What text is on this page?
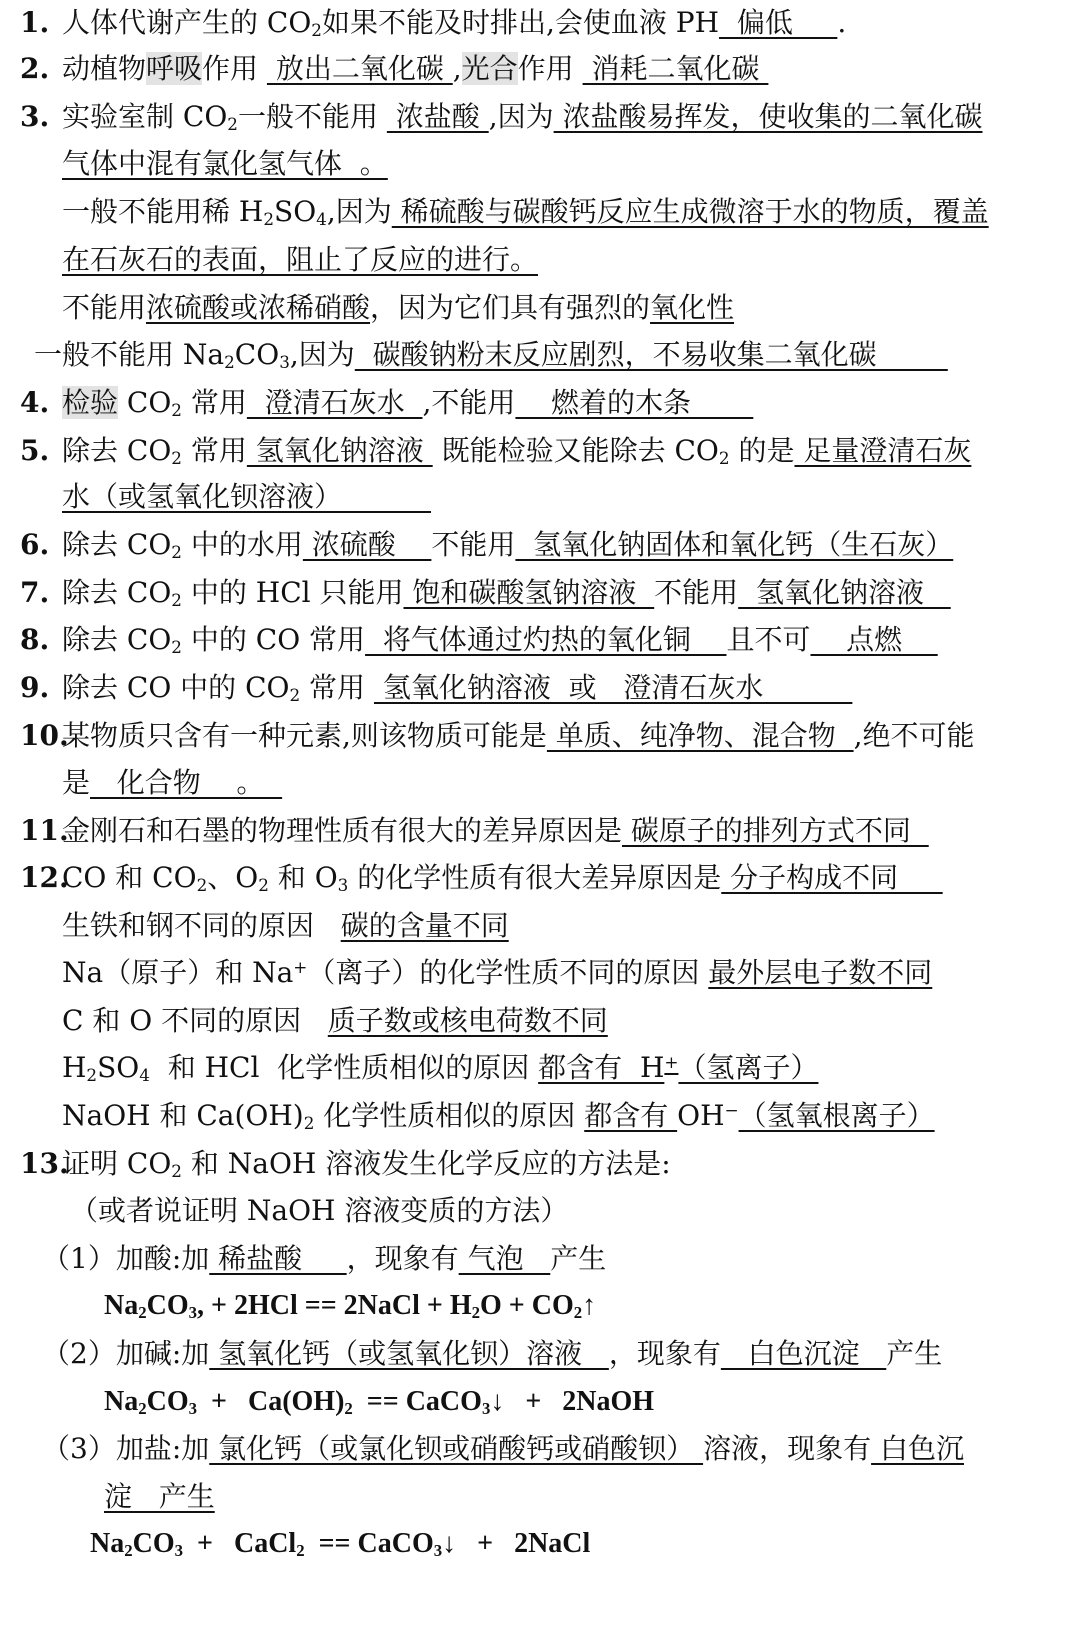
1. 人体代谢产生的 $CO_2$如果不能及时排出,会使血液 PH  偏低     .
2. 动植物呼吸作用  放出二氧化碳 ,光合作用  消耗二氧化碳
3. 实验室制 $CO_2$一般不能用  浓盐酸 ,因为 浓盐酸易挥发，使收集的二氧化碳
气体中混有氯化氢气体  。
一般不能用稀 $H_2SO_4$,因为 稀硫酸与碳酸钙反应生成微溶于水的物质，覆盖
在石灰石的表面，阻止了反应的进行。
不能用浓硫酸或浓稀硝酸，因为它们具有强烈的氧化性
一般不能用 $Na_2CO_3$,因为  碳酸钠粉末反应剧烈，不易收集二氧化碳
4. 检验 $CO_2$ 常用  澄清石灰水  ,不能用    燃着的木条
5. 除去 $CO_2$ 常用 氢氧化钠溶液  既能检验又能除去 $CO_2$ 的是 足量澄清石灰
水（或氢氧化钡溶液）
6. 除去 $CO_2$ 中的水用 浓硫酸    不能用  氢氧化钠固体和氧化钙（生石灰）
7. 除去 $CO_2$ 中的 HCl 只能用 饱和碳酸氢钠溶液  不能用  氢氧化钠溶液
8. 除去 $CO_2$ 中的 CO 常用  将气体通过灼热的氧化铜    且不可    点燃
9. 除去 CO 中的 $CO_2$ 常用  氢氧化钠溶液  或   澄清石灰水
10.某物质只含有一种元素,则该物质可能是 单质、纯净物、混合物  ,绝不可能
是   化合物    。
11.金刚石和石墨的物理性质有很大的差异原因是 碳原子的排列方式不同
12.CO 和 $CO_2$、$O_2$ 和 $O_3$ 的化学性质有很大差异原因是 分子构成不同
生铁和钢不同的原因   碳的含量不同
Na（原子）和 Na+（离子）的化学性质不同的原因 最外层电子数不同
C 和 O 不同的原因   质子数或核电荷数不同
$H_2SO_4$  和 HCl  化学性质相似的原因 都含有  H+（氢离子）
NaOH 和 $Ca(OH)_2$ 化学性质相似的原因 都含有 OH−（氢氧根离子）
13.证明 $CO_2$ 和 NaOH 溶液发生化学反应的方法是:
（或者说证明 NaOH 溶液变质的方法）
（1）加酸:加 稀盐酸     ，现象有 气泡   产生
$Na_2CO_3$, + 2HCl == 2NaCl + $H_2O$ + $CO_2↑$
（2）加碱:加 氢氧化钙（或氢氧化钡）溶液   ，现象有   白色沉淀   产生
$Na_2CO_3 + Ca(OH)_2$  == CaCO$_3$↓   +   2NaOH
（3）加盐:加 氯化钙（或氯化钡或硝酸钙或硝酸钡） 溶液，现象有 白色沉
淀   产生
$Na_2CO_3$  +   CaCl$_2$  == CaCO$_3$↓   +   2NaCl
